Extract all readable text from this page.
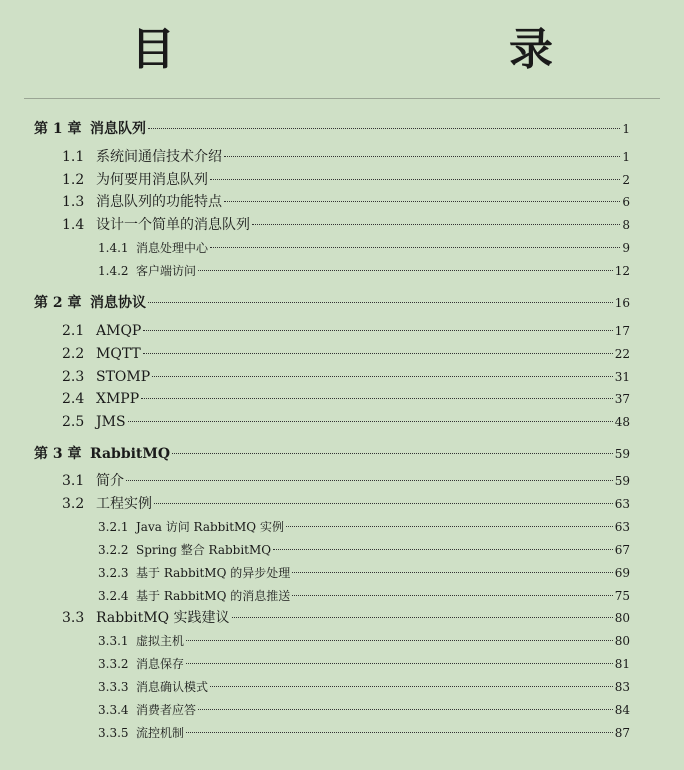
目　　录
第 1 章 消息队列	1
1.1 系统间通信技术介绍	1
1.2 为何要用消息队列	2
1.3 消息队列的功能特点	6
1.4 设计一个简单的消息队列	8
1.4.1 消息处理中心	9
1.4.2 客户端访问	12
第 2 章 消息协议	16
2.1 AMQP	17
2.2 MQTT	22
2.3 STOMP	31
2.4 XMPP	37
2.5 JMS	48
第 3 章 RabbitMQ	59
3.1 简介	59
3.2 工程实例	63
3.2.1 Java 访问 RabbitMQ 实例	63
3.2.2 Spring 整合 RabbitMQ	67
3.2.3 基于 RabbitMQ 的异步处理	69
3.2.4 基于 RabbitMQ 的消息推送	75
3.3 RabbitMQ 实践建议	80
3.3.1 虚拟主机	80
3.3.2 消息保存	81
3.3.3 消息确认模式	83
3.3.4 消费者应答	84
3.3.5 流控机制	87
